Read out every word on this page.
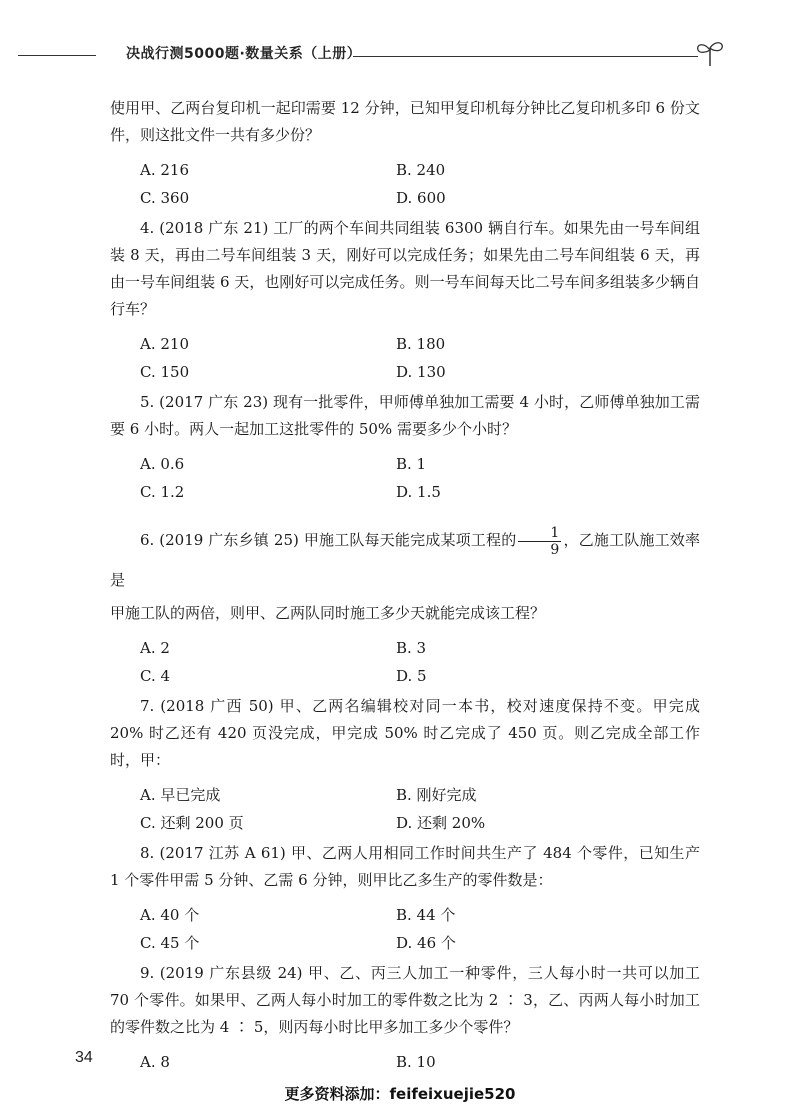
决战行测5000题·数量关系（上册）

使用甲、乙两台复印机一起印需要 12 分钟，已知甲复印机每分钟比乙复印机多印 6 份文件，则这批文件一共有多少份？

A. 216	B. 240
C. 360	D. 600

4. (2018 广东 21) 工厂的两个车间共同组装 6300 辆自行车。如果先由一号车间组装 8 天，再由二号车间组装 3 天，刚好可以完成任务；如果先由二号车间组装 6 天，再由一号车间组装 6 天，也刚好可以完成任务。则一号车间每天比二号车间多组装多少辆自行车？

A. 210	B. 180
C. 150	D. 130

5. (2017 广东 23) 现有一批零件，甲师傅单独加工需要 4 小时，乙师傅单独加工需要 6 小时。两人一起加工这批零件的 50% 需要多少个小时？

A. 0.6	B. 1
C. 1.2	D. 1.5

6. (2019 广东乡镇 25) 甲施工队每天能完成某项工程的 $\frac{1}{9}$ ，乙施工队施工效率是

甲施工队的两倍，则甲、乙两队同时施工多少天就能完成该工程？

A. 2	B. 3
C. 4	D. 5

7. (2018 广西 50) 甲、乙两名编辑校对同一本书，校对速度保持不变。甲完成 20% 时乙还有 420 页没完成，甲完成 50% 时乙完成了 450 页。则乙完成全部工作时，甲：

A. 早已完成	B. 刚好完成
C. 还剩 200 页	D. 还剩 20%

8. (2017 江苏 A 61) 甲、乙两人用相同工作时间共生产了 484 个零件，已知生产 1 个零件甲需 5 分钟、乙需 6 分钟，则甲比乙多生产的零件数是：

A. 40 个	B. 44 个
C. 45 个	D. 46 个

9. (2019 广东县级 24) 甲、乙、丙三人加工一种零件，三人每小时一共可以加工 70 个零件。如果甲、乙两人每小时加工的零件数之比为 2 ∶ 3，乙、丙两人每小时加工的零件数之比为 4 ∶ 5，则丙每小时比甲多加工多少个零件？

A. 8	B. 10
34
更多资料添加：feifeixuejie520
